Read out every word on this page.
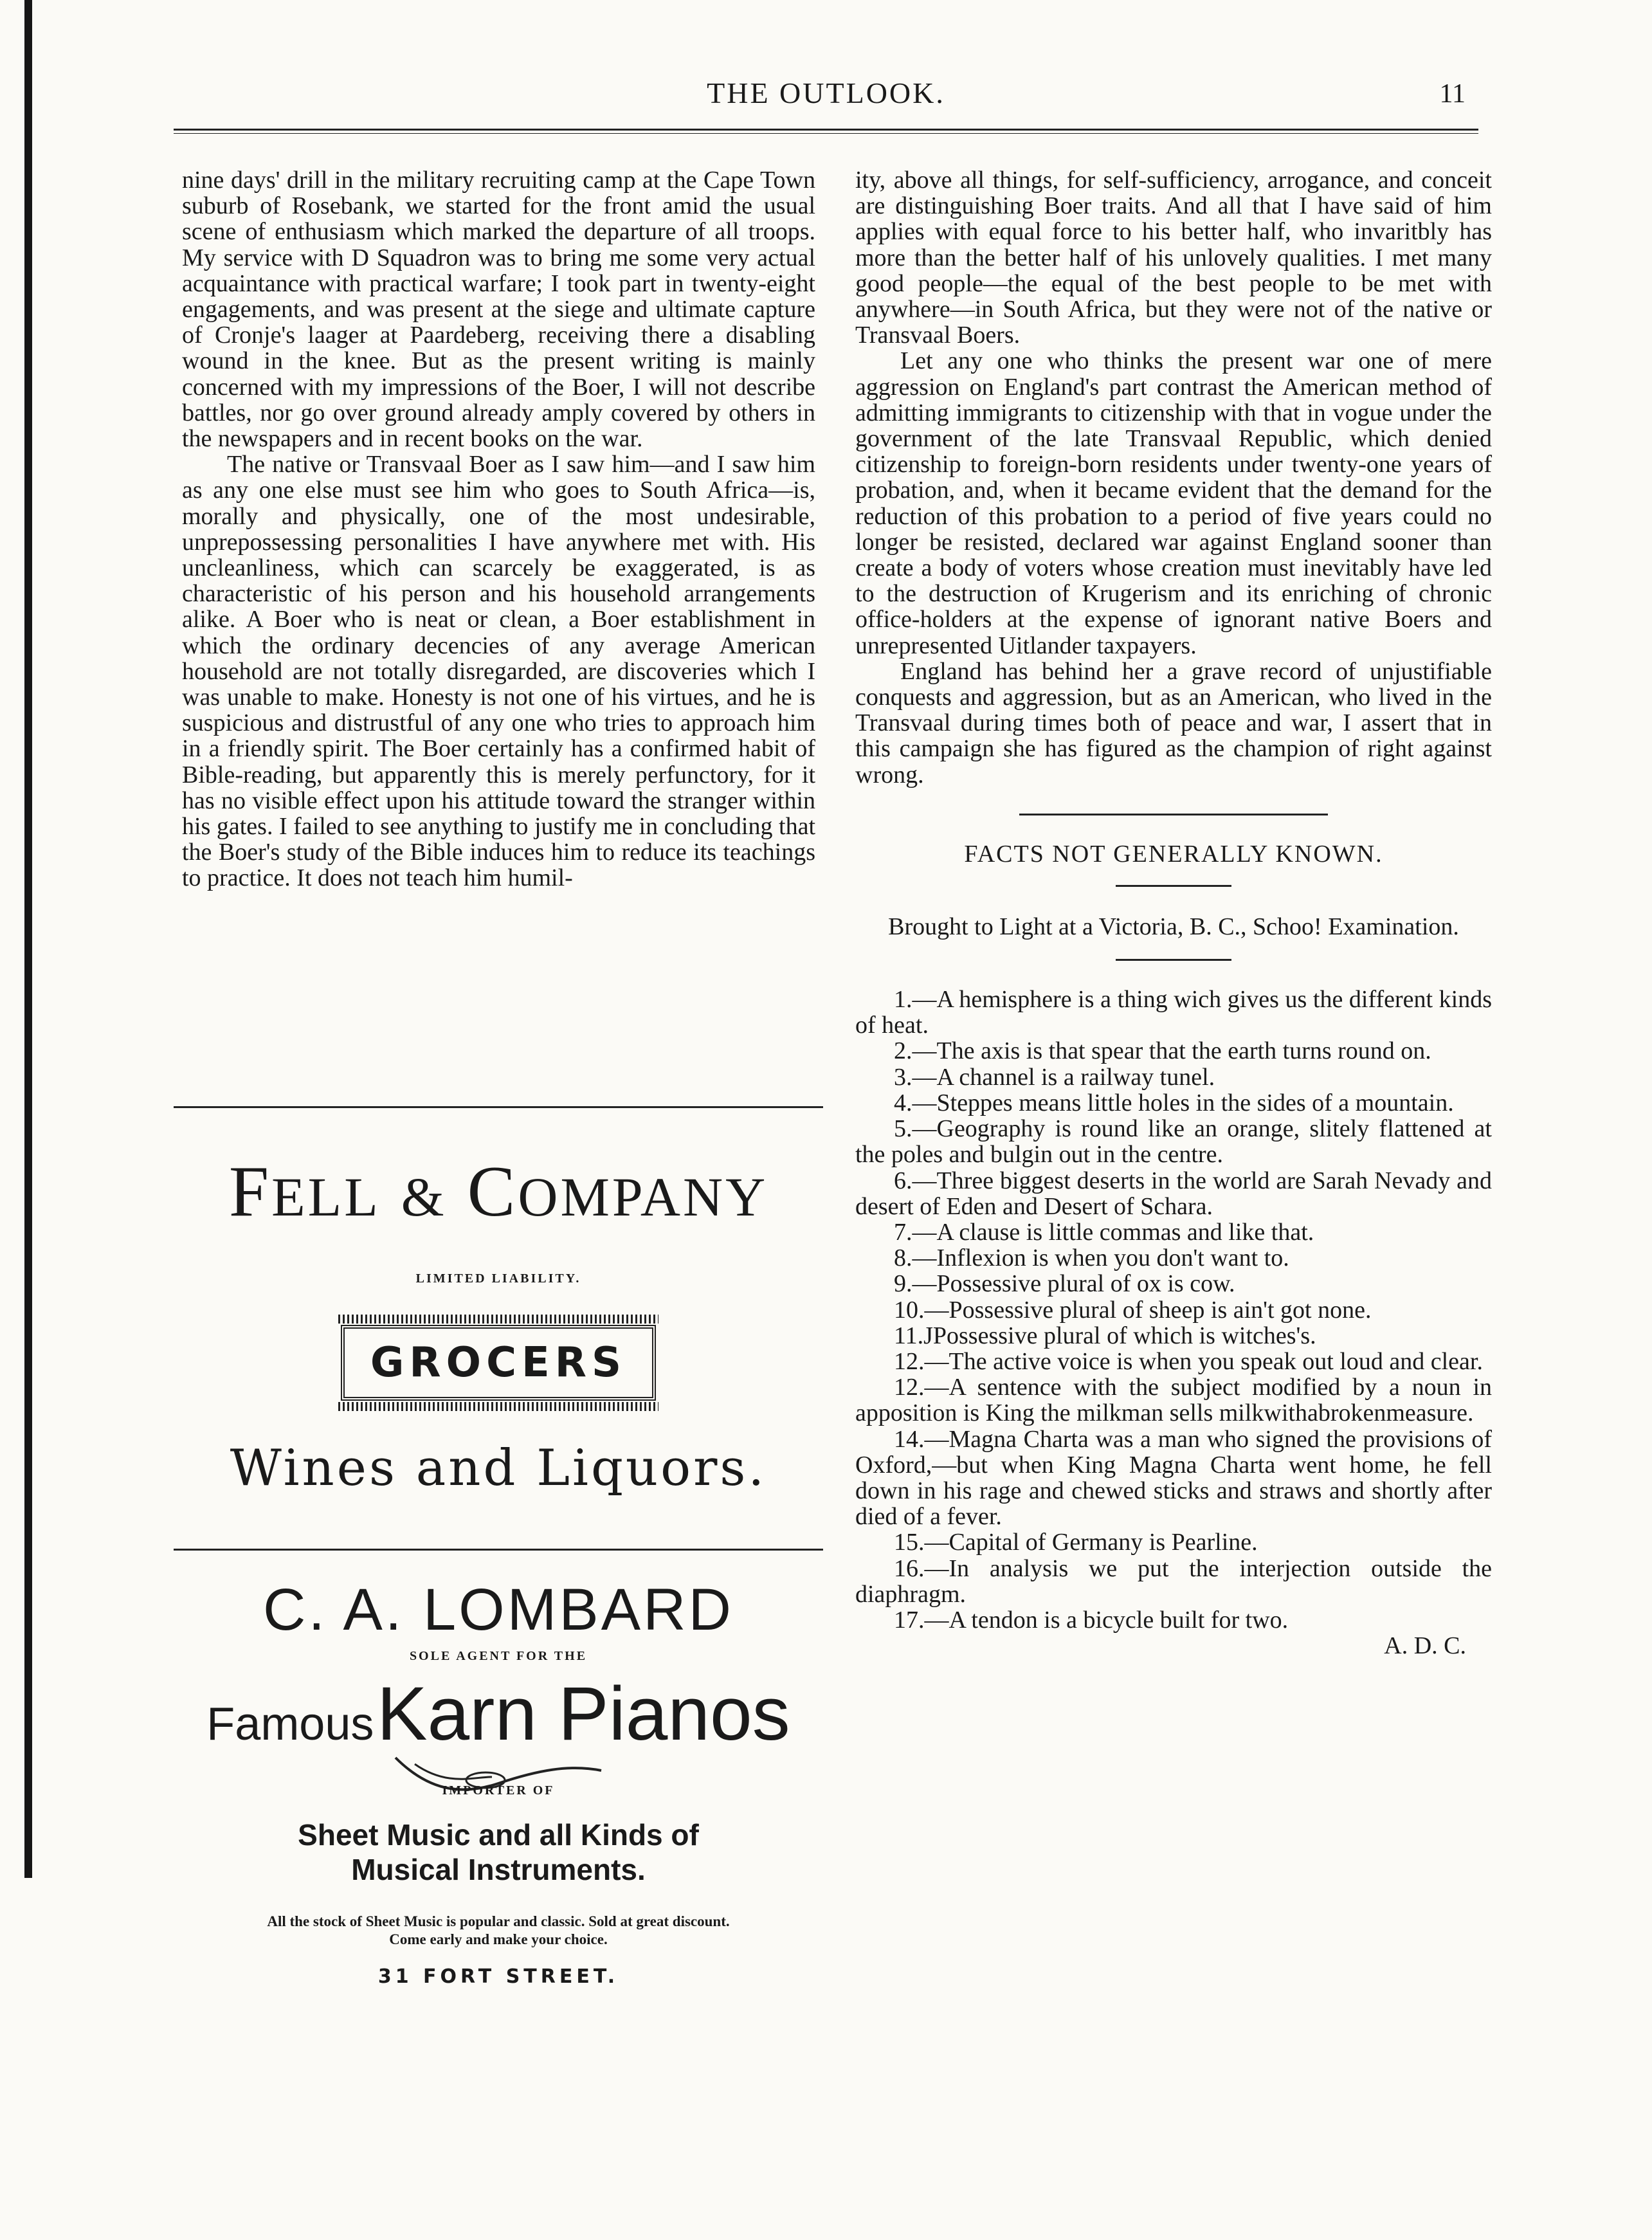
THE OUTLOOK.	11

nine days' drill in the military recruiting camp at the Cape Town suburb of Rosebank, we started for the front amid the usual scene of enthusiasm which marked the departure of all troops. My service with D Squadron was to bring me some very actual acquaintance with practical warfare; I took part in twenty-eight engagements, and was present at the siege and ultimate capture of Cronje's laager at Paardeberg, receiving there a disabling wound in the knee. But as the present writing is mainly concerned with my impressions of the Boer, I will not describe battles, nor go over ground already amply covered by others in the newspapers and in recent books on the war.

The native or Transvaal Boer as I saw him—and I saw him as any one else must see him who goes to South Africa—is, morally and physically, one of the most undesirable, unprepossessing personalities I have anywhere met with. His uncleanliness, which can scarcely be exaggerated, is as characteristic of his person and his household arrangements alike. A Boer who is neat or clean, a Boer establishment in which the ordinary decencies of any average American household are not totally disregarded, are discoveries which I was unable to make. Honesty is not one of his virtues, and he is suspicious and distrustful of any one who tries to approach him in a friendly spirit. The Boer certainly has a confirmed habit of Bible-reading, but apparently this is merely perfunctory, for it has no visible effect upon his attitude toward the stranger within his gates. I failed to see anything to justify me in concluding that the Boer's study of the Bible induces him to reduce its teachings to practice. It does not teach him humil-

FELL & COMPANY
LIMITED LIABILITY.
GROCERS
Wines and Liquors.
C. A. LOMBARD
SOLE AGENT FOR THE
Famous Karn Pianos
IMPORTER OF
Sheet Music and all Kinds of
Musical Instruments.
All the stock of Sheet Music is popular and classic. Sold at great discount.
Come early and make your choice.
31 FORT STREET.

ity, above all things, for self-sufficiency, arrogance, and conceit are distinguishing Boer traits. And all that I have said of him applies with equal force to his better half, who invaritbly has more than the better half of his unlovely qualities. I met many good people—the equal of the best people to be met with anywhere—in South Africa, but they were not of the native or Transvaal Boers.

Let any one who thinks the present war one of mere aggression on England's part contrast the American method of admitting immigrants to citizenship with that in vogue under the government of the late Transvaal Republic, which denied citizenship to foreign-born residents under twenty-one years of probation, and, when it became evident that the demand for the reduction of this probation to a period of five years could no longer be resisted, declared war against England sooner than create a body of voters whose creation must inevitably have led to the destruction of Krugerism and its enriching of chronic office-holders at the expense of ignorant native Boers and unrepresented Uitlander taxpayers.

England has behind her a grave record of unjustifiable conquests and aggression, but as an American, who lived in the Transvaal during times both of peace and war, I assert that in this campaign she has figured as the champion of right against wrong.

FACTS NOT GENERALLY KNOWN.

Brought to Light at a Victoria, B. C., Schoo! Examination.

1.—A hemisphere is a thing wich gives us the different kinds of heat.

2.—The axis is that spear that the earth turns round on.

3.—A channel is a railway tunel.

4.—Steppes means little holes in the sides of a mountain.

5.—Geography is round like an orange, slitely flattened at the poles and bulgin out in the centre.

6.—Three biggest deserts in the world are Sarah Nevady and desert of Eden and Desert of Schara.

7.—A clause is little commas and like that.

8.—Inflexion is when you don't want to.

9.—Possessive plural of ox is cow.

10.—Possessive plural of sheep is ain't got none.

11.JPossessive plural of which is witches's.

12.—The active voice is when you speak out loud and clear.

12.—A sentence with the subject modified by a noun in apposition is King the milkman sells milkwithabrokenmeasure.

14.—Magna Charta was a man who signed the provisions of Oxford,—but when King Magna Charta went home, he fell down in his rage and chewed sticks and straws and shortly after died of a fever.

15.—Capital of Germany is Pearline.

16.—In analysis we put the interjection outside the diaphragm.

17.—A tendon is a bicycle built for two.

A. D. C.
